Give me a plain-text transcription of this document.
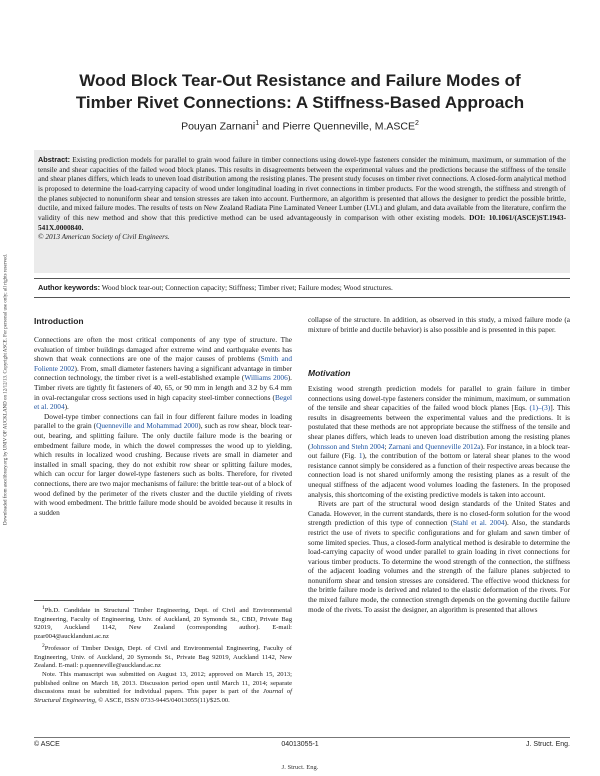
Downloaded from ascelibrary.org by UNIV OF AUCKLAND on 12/12/13. Copyright ASCE. For personal use only; all rights reserved.
Wood Block Tear-Out Resistance and Failure Modes of
Timber Rivet Connections: A Stiffness-Based Approach
Pouyan Zarnani$^1$ and Pierre Quenneville, M.ASCE$^2$

Abstract: Existing prediction models for parallel to grain wood failure in timber connections using dowel-type fasteners consider the minimum, maximum, or summation of the tensile and shear capacities of the failed wood block planes. This results in disagreements between the experimental values and the predictions because the stiffness of the tensile and shear planes differs, which leads to uneven load distribution among the resisting planes. The present study focuses on timber rivet connections. A closed-form analytical method is proposed to determine the load-carrying capacity of wood under longitudinal loading in rivet connections in timber products. For the wood strength, the stiffness and strength of the planes subjected to nonuniform shear and tension stresses are taken into account. Furthermore, an algorithm is presented that allows the designer to predict the possible brittle, ductile, and mixed failure modes. The results of tests on New Zealand Radiata Pine Laminated Veneer Lumber (LVL) and glulam, and data available from the literature, confirm the validity of this new method and show that this predictive method can be used advantageously in comparison with other existing models. DOI: 10.1061/(ASCE)ST.1943-541X.0000840.
© 2013 American Society of Civil Engineers.

Author keywords: Wood block tear-out; Connection capacity; Stiffness; Timber rivet; Failure modes; Wood structures.

Introduction

Connections are often the most critical components of any type of structure. The evaluation of timber buildings damaged after extreme wind and earthquake events has shown that weak connections are one of the major causes of problems (Smith and Foliente 2002). From, small diameter fasteners having a significant advantage in timber connection technology, the timber rivet is a well-established example (Williams 2006). Timber rivets are tightly fit fasteners of 40, 65, or 90 mm in length and 3.2 by 6.4 mm in oval-rectangular cross sections used in high capacity steel-timber connections (Begel et al. 2004).

Dowel-type timber connections can fail in four different failure modes in loading parallel to the grain (Quenneville and Mohammad 2000), such as row shear, block tear-out, bearing, and splitting failure. The only ductile failure mode is the bearing or embedment failure mode, in which the dowel compresses the wood up to yielding, which results in localized wood crushing. Because rivets are small in diameter and installed in small spacing, they do not exhibit row shear or splitting failure modes, which can occur for larger dowel-type fasteners such as bolts. Therefore, for riveted connections, there are two major mechanisms of failure: the brittle tear-out of a block of wood defined by the perimeter of the rivets cluster and the ductile yielding of rivets with wood embedment. The brittle failure mode should be avoided because it results in a sudden

$^1$Ph.D. Candidate in Structural Timber Engineering, Dept. of Civil and Environmental Engineering, Faculty of Engineering, Univ. of Auckland, 20 Symonds St., CBD, Private Bag 92019, Auckland 1142, New Zealand (corresponding author). E-mail: pzar004@aucklanduni.ac.nz

$^2$Professor of Timber Design, Dept. of Civil and Environmental Engineering, Faculty of Engineering, Univ. of Auckland, 20 Symonds St., Private Bag 92019, Auckland 1142, New Zealand. E-mail: p.quenneville@auckland.ac.nz

Note. This manuscript was submitted on August 13, 2012; approved on March 15, 2013; published online on March 18, 2013. Discussion period open until March 11, 2014; separate discussions must be submitted for individual papers. This paper is part of the Journal of Structural Engineering, © ASCE, ISSN 0733-9445/04013055(11)/$25.00.

collapse of the structure. In addition, as observed in this study, a mixed failure mode (a mixture of brittle and ductile behavior) is also possible and is presented in this paper.

Motivation

Existing wood strength prediction models for parallel to grain failure in timber connections using dowel-type fasteners consider the minimum, maximum, or summation of the tensile and shear capacities of the failed wood block planes [Eqs. (1)–(3)]. This results in disagreements between the experimental values and the predictions. It is postulated that these methods are not appropriate because the stiffness of the tensile and shear planes differs, which leads to uneven load distribution among the resisting planes (Johnsson and Stehn 2004; Zarnani and Quenneville 2012a). For instance, in a block tear-out failure (Fig. 1), the contribution of the bottom or lateral shear planes to the wood resistance cannot simply be considered as a function of their respective areas because the connection load is not shared uniformly among the resisting planes as a result of the unequal stiffness of the adjacent wood volumes loading the fasteners. In the proposed analysis, this shortcoming of the existing predictive models is taken into account.

Rivets are part of the structural wood design standards of the United States and Canada. However, in the current standards, there is no closed-form solution for the wood strength prediction of this type of connection (Stahl et al. 2004). Also, the standards restrict the use of rivets to specific configurations and for glulam and sawn timber of some limited species. Thus, a closed-form analytical method is desirable to determine the load-carrying capacity of wood under parallel to grain loading in rivet connections for various timber products. To determine the wood strength of the connection, the stiffness of the adjacent loading volumes and the strength of the failure planes subjected to nonuniform shear and tension stresses are considered. The effective wood thickness for the brittle failure mode is derived and related to the elastic deformation of the rivets. For the mixed failure mode, the connection strength depends on the governing ductile failure mode of the rivets. To assist the designer, an algorithm is presented that allows

© ASCE	04013055-1	J. Struct. Eng.
J. Struct. Eng.
